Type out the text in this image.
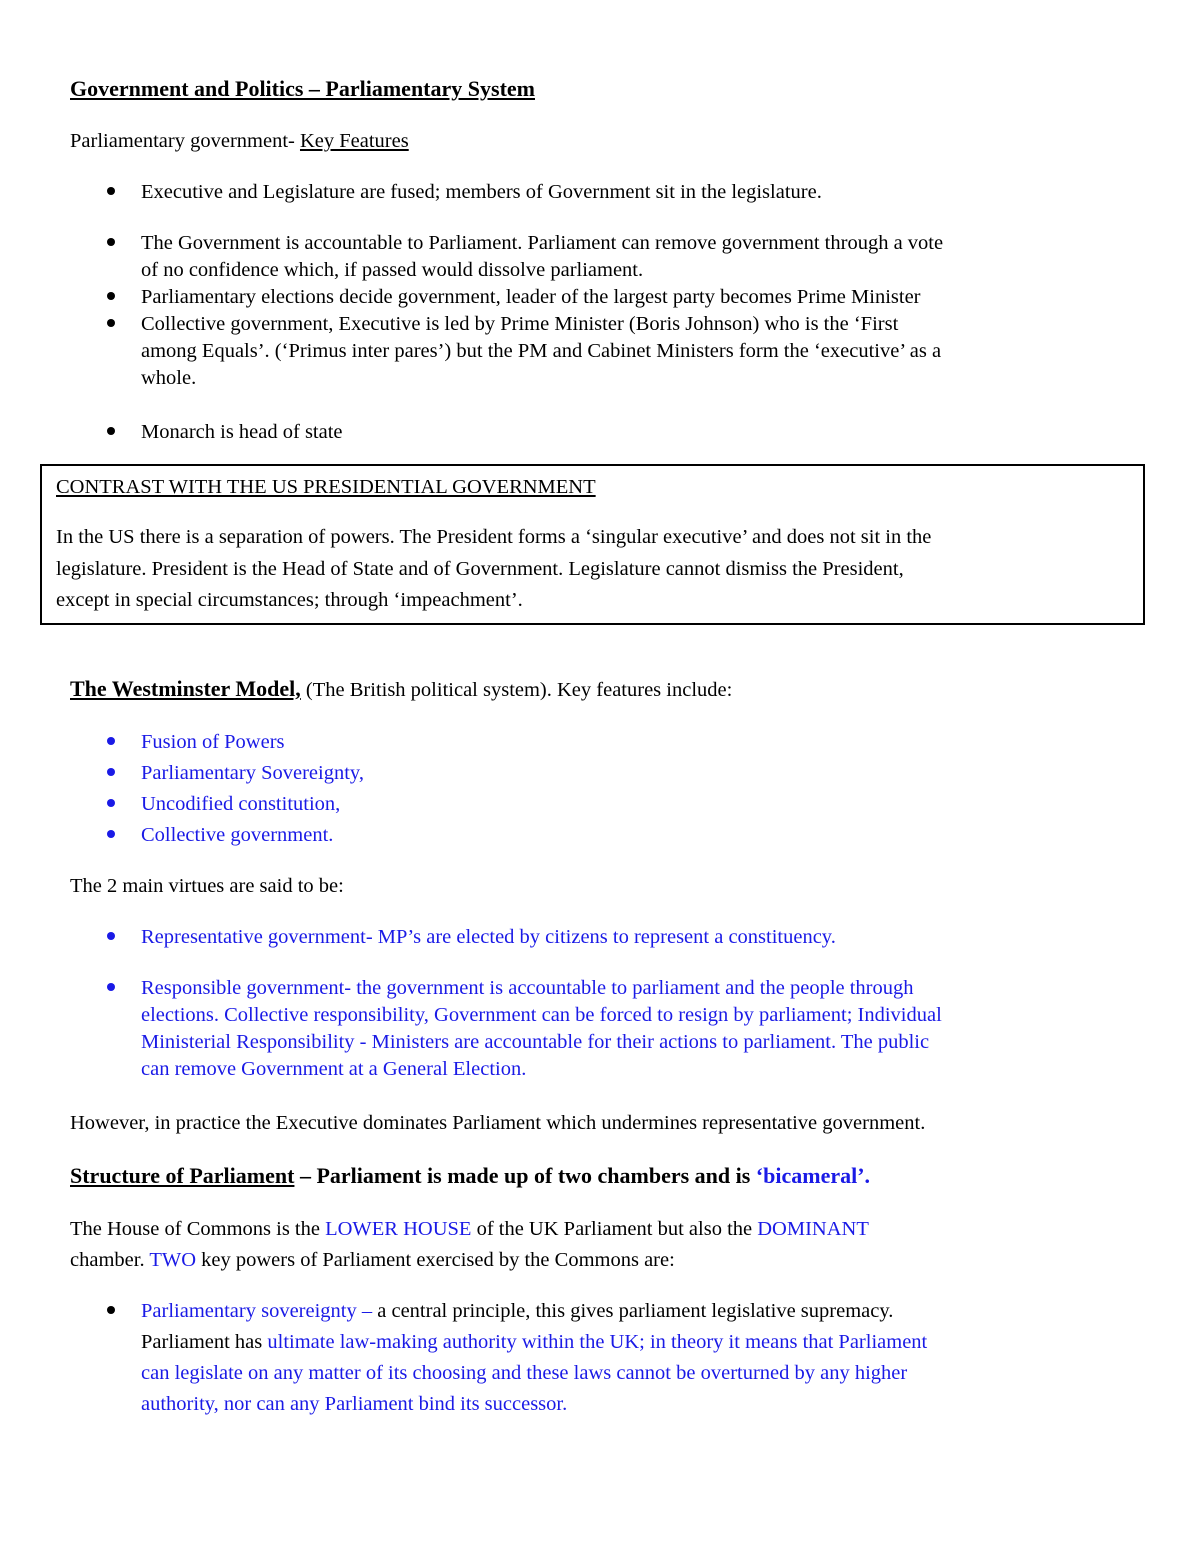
Government and Politics – Parliamentary System
Parliamentary government- Key Features
Executive and Legislature are fused; members of Government sit in the legislature.
The Government is accountable to Parliament. Parliament can remove government through a vote
of no confidence which, if passed would dissolve parliament.
Parliamentary elections decide government, leader of the largest party becomes Prime Minister
Collective government, Executive is led by Prime Minister (Boris Johnson) who is the ‘First
among Equals’. (‘Primus inter pares’) but the PM and Cabinet Ministers form the ‘executive’ as a
whole.
Monarch is head of state
CONTRAST WITH THE US PRESIDENTIAL GOVERNMENT
In the US there is a separation of powers. The President forms a ‘singular executive’ and does not sit in the
legislature. President is the Head of State and of Government. Legislature cannot dismiss the President,
except in special circumstances; through ‘impeachment’.
The Westminster Model, (The British political system). Key features include:
Fusion of Powers
Parliamentary Sovereignty,
Uncodified constitution,
Collective government.
The 2 main virtues are said to be:
Representative government- MP’s are elected by citizens to represent a constituency.
Responsible government- the government is accountable to parliament and the people through
elections. Collective responsibility, Government can be forced to resign by parliament; Individual
Ministerial Responsibility - Ministers are accountable for their actions to parliament. The public
can remove Government at a General Election.
However, in practice the Executive dominates Parliament which undermines representative government.
Structure of Parliament – Parliament is made up of two chambers and is ‘bicameral’.
The House of Commons is the LOWER HOUSE of the UK Parliament but also the DOMINANT
chamber. TWO key powers of Parliament exercised by the Commons are:
Parliamentary sovereignty – a central principle, this gives parliament legislative supremacy.
Parliament has ultimate law-making authority within the UK; in theory it means that Parliament
can legislate on any matter of its choosing and these laws cannot be overturned by any higher
authority, nor can any Parliament bind its successor.
